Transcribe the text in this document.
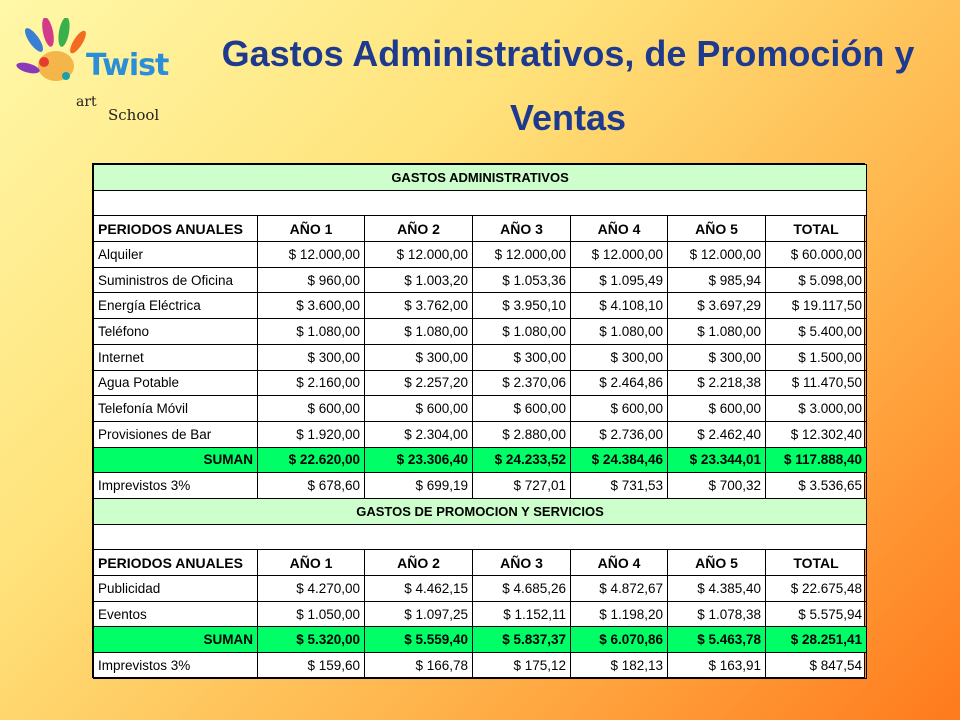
Twist
art
School
Gastos Administrativos, de Promoción y Ventas
GASTOS ADMINISTRATIVOS						

PERIODOS ANUALES	AÑO 1	AÑO 2	AÑO 3	AÑO 4	AÑO 5	TOTAL
Alquiler	$ 12.000,00	$ 12.000,00	$ 12.000,00	$ 12.000,00	$ 12.000,00	$ 60.000,00
Suministros de Oficina	$ 960,00	$ 1.003,20	$ 1.053,36	$ 1.095,49	$ 985,94	$ 5.098,00
Energía Eléctrica	$ 3.600,00	$ 3.762,00	$ 3.950,10	$ 4.108,10	$ 3.697,29	$ 19.117,50
Teléfono	$ 1.080,00	$ 1.080,00	$ 1.080,00	$ 1.080,00	$ 1.080,00	$ 5.400,00
Internet	$ 300,00	$ 300,00	$ 300,00	$ 300,00	$ 300,00	$ 1.500,00
Agua Potable	$ 2.160,00	$ 2.257,20	$ 2.370,06	$ 2.464,86	$ 2.218,38	$ 11.470,50
Telefonía Móvil	$ 600,00	$ 600,00	$ 600,00	$ 600,00	$ 600,00	$ 3.000,00
Provisiones de Bar	$ 1.920,00	$ 2.304,00	$ 2.880,00	$ 2.736,00	$ 2.462,40	$ 12.302,40
SUMAN	$ 22.620,00	$ 23.306,40	$ 24.233,52	$ 24.384,46	$ 23.344,01	$ 117.888,40
Imprevistos 3%	$ 678,60	$ 699,19	$ 727,01	$ 731,53	$ 700,32	$ 3.536,65
GASTOS DE PROMOCION Y SERVICIOS						

PERIODOS ANUALES	AÑO 1	AÑO 2	AÑO 3	AÑO 4	AÑO 5	TOTAL
Publicidad	$ 4.270,00	$ 4.462,15	$ 4.685,26	$ 4.872,67	$ 4.385,40	$ 22.675,48
Eventos	$ 1.050,00	$ 1.097,25	$ 1.152,11	$ 1.198,20	$ 1.078,38	$ 5.575,94
SUMAN	$ 5.320,00	$ 5.559,40	$ 5.837,37	$ 6.070,86	$ 5.463,78	$ 28.251,41
Imprevistos 3%	$ 159,60	$ 166,78	$ 175,12	$ 182,13	$ 163,91	$ 847,54
